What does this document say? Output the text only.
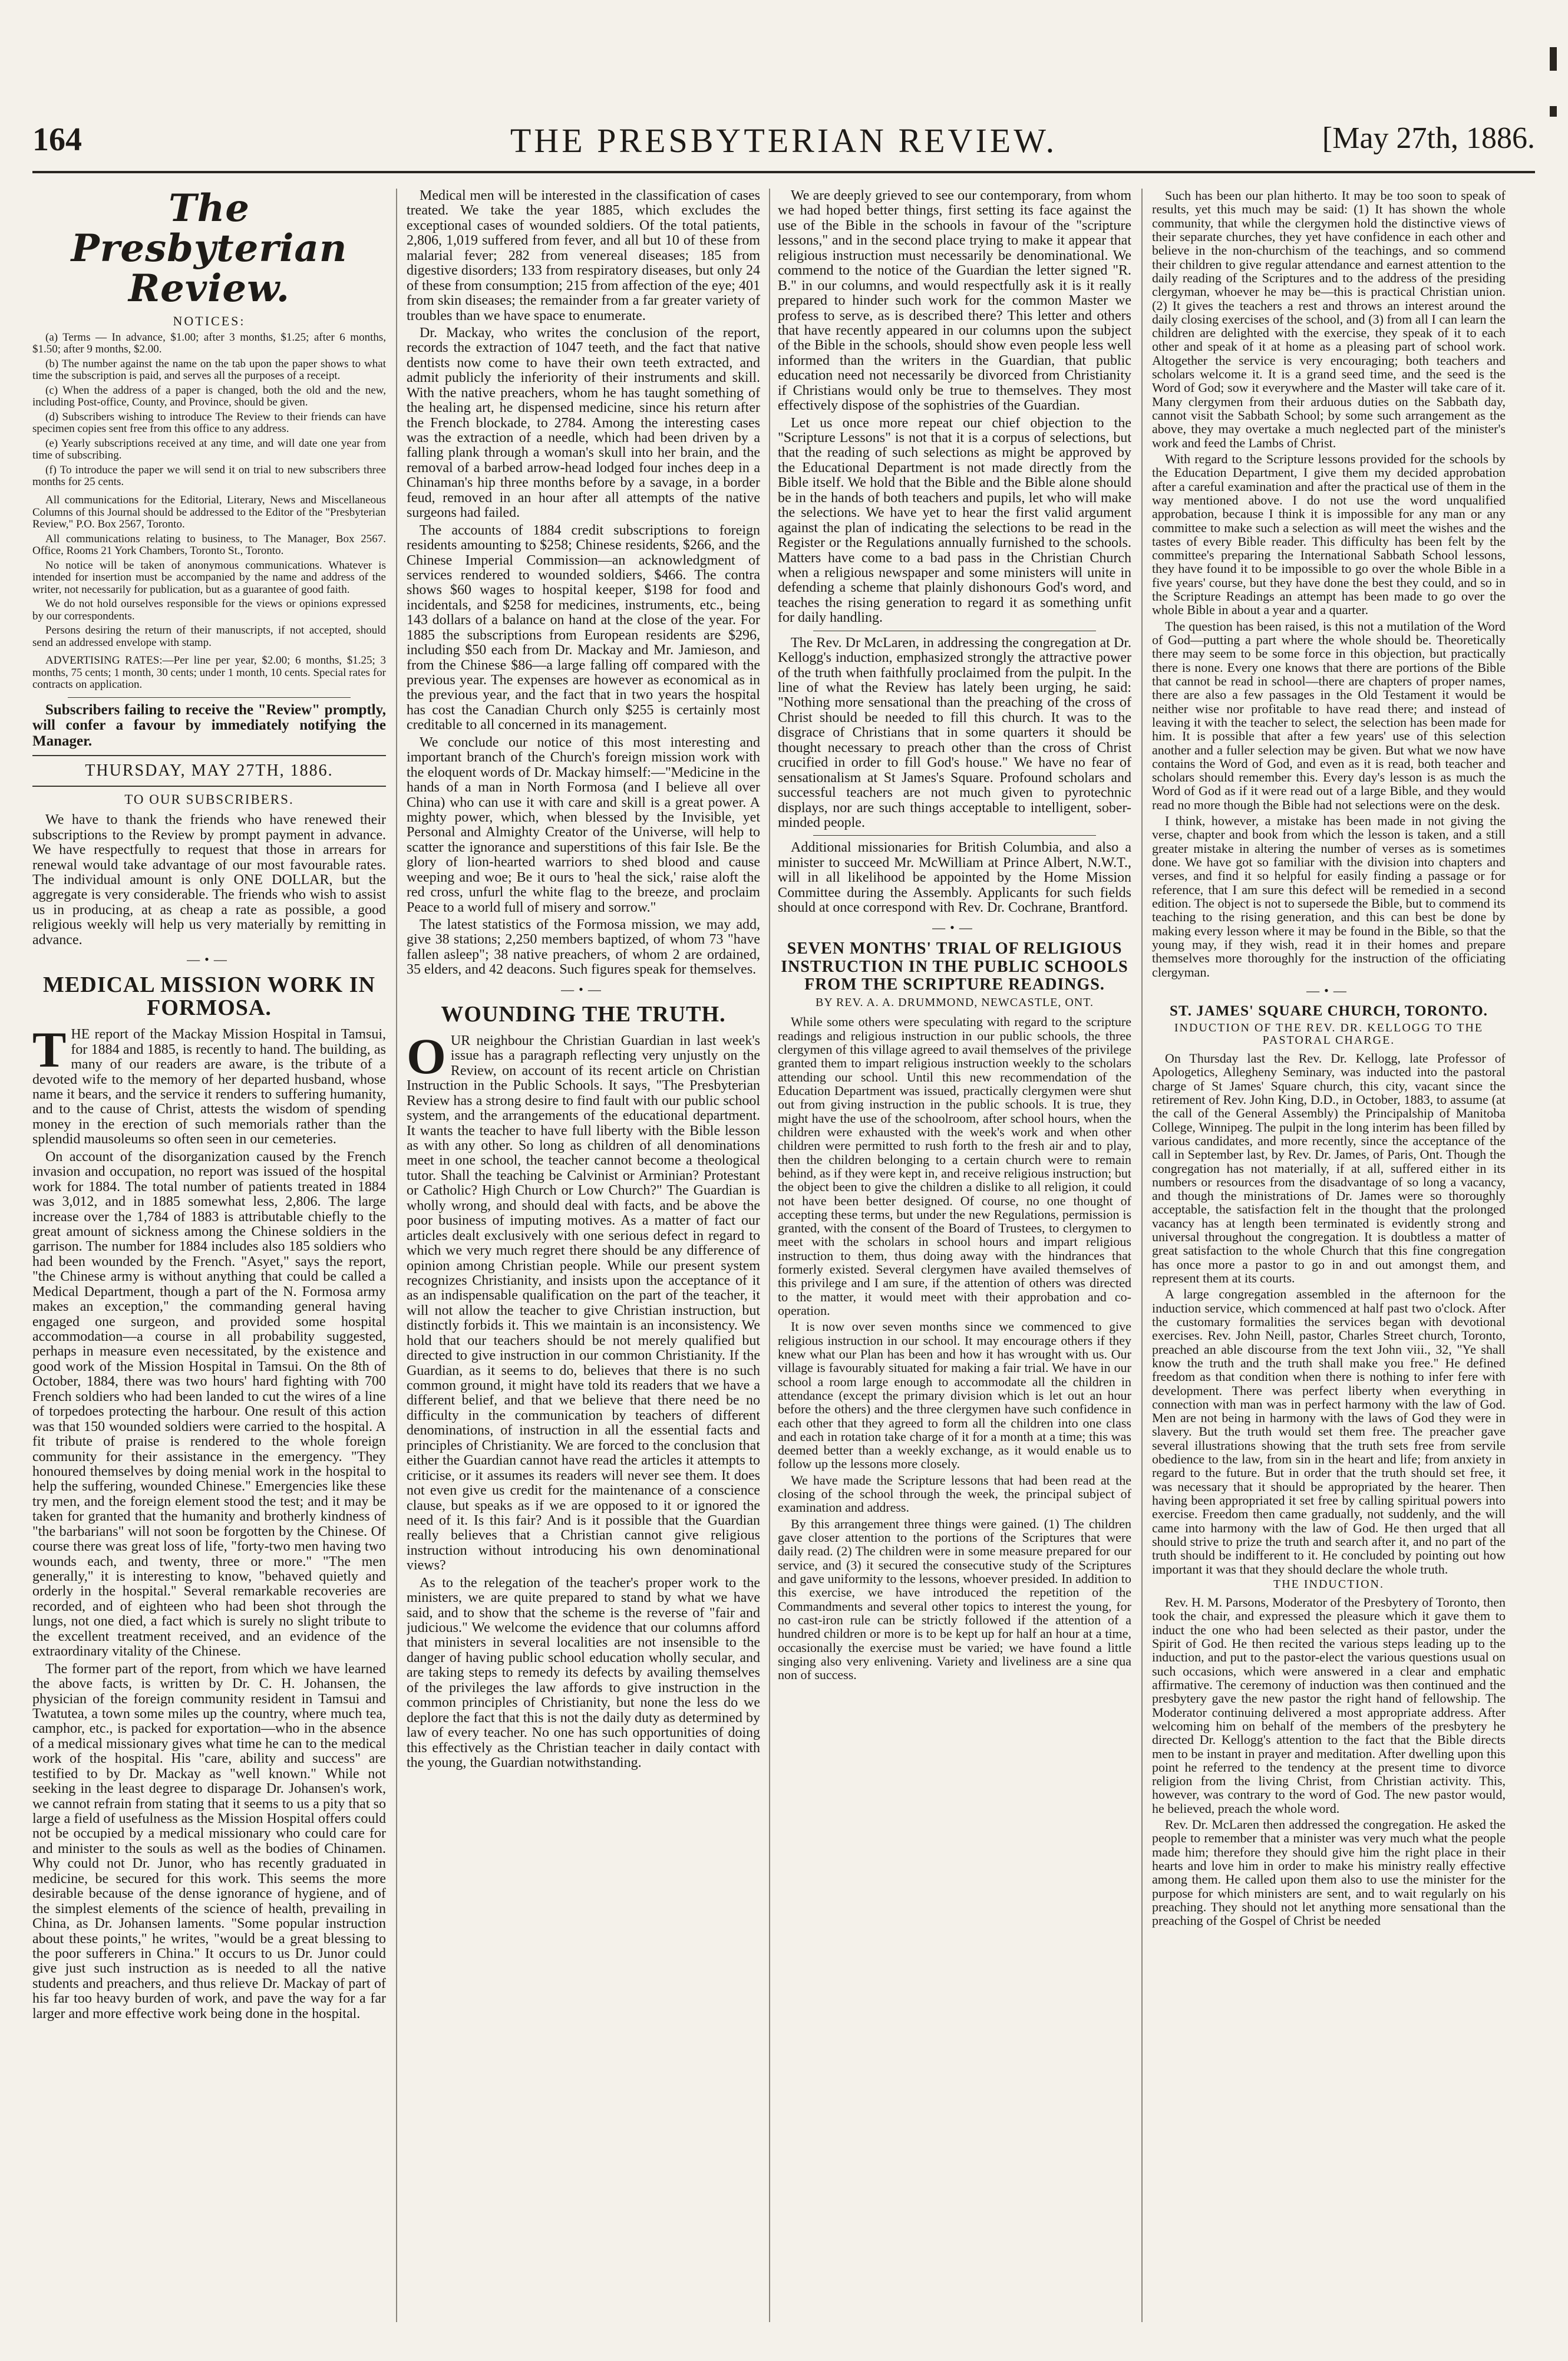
164	THE PRESBYTERIAN REVIEW.	[May 27th, 1886.
The Presbyterian Review.
NOTICES:

(a) Terms — In advance, $1.00; after 3 months, $1.25; after 6 months, $1.50; after 9 months, $2.00.

(b) The number against the name on the tab upon the paper shows to what time the subscription is paid, and serves all the purposes of a receipt.

(c) When the address of a paper is changed, both the old and the new, including Post-office, County, and Province, should be given.

(d) Subscribers wishing to introduce The Review to their friends can have specimen copies sent free from this office to any address.

(e) Yearly subscriptions received at any time, and will date one year from time of subscribing.

(f) To introduce the paper we will send it on trial to new subscribers three months for 25 cents.

All communications for the Editorial, Literary, News and Miscellaneous Columns of this Journal should be addressed to the Editor of the "Presbyterian Review," P.O. Box 2567, Toronto.

All communications relating to business, to The Manager, Box 2567. Office, Rooms 21 York Chambers, Toronto St., Toronto.

No notice will be taken of anonymous communications. Whatever is intended for insertion must be accompanied by the name and address of the writer, not necessarily for publication, but as a guarantee of good faith.

We do not hold ourselves responsible for the views or opinions expressed by our correspondents.

Persons desiring the return of their manuscripts, if not accepted, should send an addressed envelope with stamp.

ADVERTISING RATES:—Per line per year, $2.00; 6 months, $1.25; 3 months, 75 cents; 1 month, 30 cents; under 1 month, 10 cents. Special rates for contracts on application.

Subscribers failing to receive the "Review" promptly, will confer a favour by immediately notifying the Manager.

THURSDAY, MAY 27TH, 1886.
TO OUR SUBSCRIBERS.

We have to thank the friends who have renewed their subscriptions to the Review by prompt payment in advance. We have respectfully to request that those in arrears for renewal would take advantage of our most favourable rates. The individual amount is only ONE DOLLAR, but the aggregate is very considerable. The friends who wish to assist us in producing, at as cheap a rate as possible, a good religious weekly will help us very materially by remitting in advance.

—•—
MEDICAL MISSION WORK IN FORMOSA.

THE report of the Mackay Mission Hospital in Tamsui, for 1884 and 1885, is recently to hand. The building, as many of our readers are aware, is the tribute of a devoted wife to the memory of her departed husband, whose name it bears, and the service it renders to suffering humanity, and to the cause of Christ, attests the wisdom of spending money in the erection of such memorials rather than the splendid mausoleums so often seen in our cemeteries.

On account of the disorganization caused by the French invasion and occupation, no report was issued of the hospital work for 1884. The total number of patients treated in 1884 was 3,012, and in 1885 somewhat less, 2,806. The large increase over the 1,784 of 1883 is attributable chiefly to the great amount of sickness among the Chinese soldiers in the garrison. The number for 1884 includes also 185 soldiers who had been wounded by the French. "Asyet," says the report, "the Chinese army is without anything that could be called a Medical Department, though a part of the N. Formosa army makes an exception," the commanding general having engaged one surgeon, and provided some hospital accommodation—a course in all probability suggested, perhaps in measure even necessitated, by the existence and good work of the Mission Hospital in Tamsui. On the 8th of October, 1884, there was two hours' hard fighting with 700 French soldiers who had been landed to cut the wires of a line of torpedoes protecting the harbour. One result of this action was that 150 wounded soldiers were carried to the hospital. A fit tribute of praise is rendered to the whole foreign community for their assistance in the emergency. "They honoured themselves by doing menial work in the hospital to help the suffering, wounded Chinese." Emergencies like these try men, and the foreign element stood the test; and it may be taken for granted that the humanity and brotherly kindness of "the barbarians" will not soon be forgotten by the Chinese. Of course there was great loss of life, "forty-two men having two wounds each, and twenty, three or more." "The men generally," it is interesting to know, "behaved quietly and orderly in the hospital." Several remarkable recoveries are recorded, and of eighteen who had been shot through the lungs, not one died, a fact which is surely no slight tribute to the excellent treatment received, and an evidence of the extraordinary vitality of the Chinese.

The former part of the report, from which we have learned the above facts, is written by Dr. C. H. Johansen, the physician of the foreign community resident in Tamsui and Twatutea, a town some miles up the country, where much tea, camphor, etc., is packed for exportation—who in the absence of a medical missionary gives what time he can to the medical work of the hospital. His "care, ability and success" are testified to by Dr. Mackay as "well known." While not seeking in the least degree to disparage Dr. Johansen's work, we cannot refrain from stating that it seems to us a pity that so large a field of usefulness as the Mission Hospital offers could not be occupied by a medical missionary who could care for and minister to the souls as well as the bodies of Chinamen. Why could not Dr. Junor, who has recently graduated in medicine, be secured for this work. This seems the more desirable because of the dense ignorance of hygiene, and of the simplest elements of the science of health, prevailing in China, as Dr. Johansen laments. "Some popular instruction about these points," he writes, "would be a great blessing to the poor sufferers in China." It occurs to us Dr. Junor could give just such instruction as is needed to all the native students and preachers, and thus relieve Dr. Mackay of part of his far too heavy burden of work, and pave the way for a far larger and more effective work being done in the hospital.

Medical men will be interested in the classification of cases treated. We take the year 1885, which excludes the exceptional cases of wounded soldiers. Of the total patients, 2,806, 1,019 suffered from fever, and all but 10 of these from malarial fever; 282 from venereal diseases; 185 from digestive disorders; 133 from respiratory diseases, but only 24 of these from consumption; 215 from affection of the eye; 401 from skin diseases; the remainder from a far greater variety of troubles than we have space to enumerate.

Dr. Mackay, who writes the conclusion of the report, records the extraction of 1047 teeth, and the fact that native dentists now come to have their own teeth extracted, and admit publicly the inferiority of their instruments and skill. With the native preachers, whom he has taught something of the healing art, he dispensed medicine, since his return after the French blockade, to 2784. Among the interesting cases was the extraction of a needle, which had been driven by a falling plank through a woman's skull into her brain, and the removal of a barbed arrow-head lodged four inches deep in a Chinaman's hip three months before by a savage, in a border feud, removed in an hour after all attempts of the native surgeons had failed.

The accounts of 1884 credit subscriptions to foreign residents amounting to $258; Chinese residents, $266, and the Chinese Imperial Commission—an acknowledgment of services rendered to wounded soldiers, $466. The contra shows $60 wages to hospital keeper, $198 for food and incidentals, and $258 for medicines, instruments, etc., being 143 dollars of a balance on hand at the close of the year. For 1885 the subscriptions from European residents are $296, including $50 each from Dr. Mackay and Mr. Jamieson, and from the Chinese $86—a large falling off compared with the previous year. The expenses are however as economical as in the previous year, and the fact that in two years the hospital has cost the Canadian Church only $255 is certainly most creditable to all concerned in its management.

We conclude our notice of this most interesting and important branch of the Church's foreign mission work with the eloquent words of Dr. Mackay himself:—"Medicine in the hands of a man in North Formosa (and I believe all over China) who can use it with care and skill is a great power. A mighty power, which, when blessed by the Invisible, yet Personal and Almighty Creator of the Universe, will help to scatter the ignorance and superstitions of this fair Isle. Be the glory of lion-hearted warriors to shed blood and cause weeping and woe; Be it ours to 'heal the sick,' raise aloft the red cross, unfurl the white flag to the breeze, and proclaim Peace to a world full of misery and sorrow."

The latest statistics of the Formosa mission, we may add, give 38 stations; 2,250 members baptized, of whom 73 "have fallen asleep"; 38 native preachers, of whom 2 are ordained, 35 elders, and 42 deacons. Such figures speak for themselves.

—•—
WOUNDING THE TRUTH.

OUR neighbour the Christian Guardian in last week's issue has a paragraph reflecting very unjustly on the Review, on account of its recent article on Christian Instruction in the Public Schools. It says, "The Presbyterian Review has a strong desire to find fault with our public school system, and the arrangements of the educational department. It wants the teacher to have full liberty with the Bible lesson as with any other. So long as children of all denominations meet in one school, the teacher cannot become a theological tutor. Shall the teaching be Calvinist or Arminian? Protestant or Catholic? High Church or Low Church?" The Guardian is wholly wrong, and should deal with facts, and be above the poor business of imputing motives. As a matter of fact our articles dealt exclusively with one serious defect in regard to which we very much regret there should be any difference of opinion among Christian people. While our present system recognizes Christianity, and insists upon the acceptance of it as an indispensable qualification on the part of the teacher, it will not allow the teacher to give Christian instruction, but distinctly forbids it. This we maintain is an inconsistency. We hold that our teachers should be not merely qualified but directed to give instruction in our common Christianity. If the Guardian, as it seems to do, believes that there is no such common ground, it might have told its readers that we have a different belief, and that we believe that there need be no difficulty in the communication by teachers of different denominations, of instruction in all the essential facts and principles of Christianity. We are forced to the conclusion that either the Guardian cannot have read the articles it attempts to criticise, or it assumes its readers will never see them. It does not even give us credit for the maintenance of a conscience clause, but speaks as if we are opposed to it or ignored the need of it. Is this fair? And is it possible that the Guardian really believes that a Christian cannot give religious instruction without introducing his own denominational views?

As to the relegation of the teacher's proper work to the ministers, we are quite prepared to stand by what we have said, and to show that the scheme is the reverse of "fair and judicious." We welcome the evidence that our columns afford that ministers in several localities are not insensible to the danger of having public school education wholly secular, and are taking steps to remedy its defects by availing themselves of the privileges the law affords to give instruction in the common principles of Christianity, but none the less do we deplore the fact that this is not the daily duty as determined by law of every teacher. No one has such opportunities of doing this effectively as the Christian teacher in daily contact with the young, the Guardian notwithstanding.

We are deeply grieved to see our contemporary, from whom we had hoped better things, first setting its face against the use of the Bible in the schools in favour of the "scripture lessons," and in the second place trying to make it appear that religious instruction must necessarily be denominational. We commend to the notice of the Guardian the letter signed "R. B." in our columns, and would respectfully ask it is it really prepared to hinder such work for the common Master we profess to serve, as is described there? This letter and others that have recently appeared in our columns upon the subject of the Bible in the schools, should show even people less well informed than the writers in the Guardian, that public education need not necessarily be divorced from Christianity if Christians would only be true to themselves. They most effectively dispose of the sophistries of the Guardian.

Let us once more repeat our chief objection to the "Scripture Lessons" is not that it is a corpus of selections, but that the reading of such selections as might be approved by the Educational Department is not made directly from the Bible itself. We hold that the Bible and the Bible alone should be in the hands of both teachers and pupils, let who will make the selections. We have yet to hear the first valid argument against the plan of indicating the selections to be read in the Register or the Regulations annually furnished to the schools. Matters have come to a bad pass in the Christian Church when a religious newspaper and some ministers will unite in defending a scheme that plainly dishonours God's word, and teaches the rising generation to regard it as something unfit for daily handling.

The Rev. Dr McLaren, in addressing the congregation at Dr. Kellogg's induction, emphasized strongly the attractive power of the truth when faithfully proclaimed from the pulpit. In the line of what the Review has lately been urging, he said: "Nothing more sensational than the preaching of the cross of Christ should be needed to fill this church. It was to the disgrace of Christians that in some quarters it should be thought necessary to preach other than the cross of Christ crucified in order to fill God's house." We have no fear of sensationalism at St James's Square. Profound scholars and successful teachers are not much given to pyrotechnic displays, nor are such things acceptable to intelligent, sober-minded people.

Additional missionaries for British Columbia, and also a minister to succeed Mr. McWilliam at Prince Albert, N.W.T., will in all likelihood be appointed by the Home Mission Committee during the Assembly. Applicants for such fields should at once correspond with Rev. Dr. Cochrane, Brantford.

—•—
SEVEN MONTHS' TRIAL OF RELIGIOUS INSTRUCTION IN THE PUBLIC SCHOOLS FROM THE SCRIPTURE READINGS.
BY REV. A. A. DRUMMOND, NEWCASTLE, ONT.

While some others were speculating with regard to the scripture readings and religious instruction in our public schools, the three clergymen of this village agreed to avail themselves of the privilege granted them to impart religious instruction weekly to the scholars attending our school. Until this new recommendation of the Education Department was issued, practically clergymen were shut out from giving instruction in the public schools. It is true, they might have the use of the schoolroom, after school hours, when the children were exhausted with the week's work and when other children were permitted to rush forth to the fresh air and to play, then the children belonging to a certain church were to remain behind, as if they were kept in, and receive religious instruction; but the object been to give the children a dislike to all religion, it could not have been better designed. Of course, no one thought of accepting these terms, but under the new Regulations, permission is granted, with the consent of the Board of Trustees, to clergymen to meet with the scholars in school hours and impart religious instruction to them, thus doing away with the hindrances that formerly existed. Several clergymen have availed themselves of this privilege and I am sure, if the attention of others was directed to the matter, it would meet with their approbation and co-operation.

It is now over seven months since we commenced to give religious instruction in our school. It may encourage others if they knew what our Plan has been and how it has wrought with us. Our village is favourably situated for making a fair trial. We have in our school a room large enough to accommodate all the children in attendance (except the primary division which is let out an hour before the others) and the three clergymen have such confidence in each other that they agreed to form all the children into one class and each in rotation take charge of it for a month at a time; this was deemed better than a weekly exchange, as it would enable us to follow up the lessons more closely.

We have made the Scripture lessons that had been read at the closing of the school through the week, the principal subject of examination and address.

By this arrangement three things were gained. (1) The children gave closer attention to the portions of the Scriptures that were daily read. (2) The children were in some measure prepared for our service, and (3) it secured the consecutive study of the Scriptures and gave uniformity to the lessons, whoever presided. In addition to this exercise, we have introduced the repetition of the Commandments and several other topics to interest the young, for no cast-iron rule can be strictly followed if the attention of a hundred children or more is to be kept up for half an hour at a time, occasionally the exercise must be varied; we have found a little singing also very enlivening. Variety and liveliness are a sine qua non of success.

Such has been our plan hitherto. It may be too soon to speak of results, yet this much may be said: (1) It has shown the whole community, that while the clergymen hold the distinctive views of their separate churches, they yet have confidence in each other and believe in the non-churchism of the teachings, and so commend their children to give regular attendance and earnest attention to the daily reading of the Scriptures and to the address of the presiding clergyman, whoever he may be—this is practical Christian union. (2) It gives the teachers a rest and throws an interest around the daily closing exercises of the school, and (3) from all I can learn the children are delighted with the exercise, they speak of it to each other and speak of it at home as a pleasing part of school work. Altogether the service is very encouraging; both teachers and scholars welcome it. It is a grand seed time, and the seed is the Word of God; sow it everywhere and the Master will take care of it. Many clergymen from their arduous duties on the Sabbath day, cannot visit the Sabbath School; by some such arrangement as the above, they may overtake a much neglected part of the minister's work and feed the Lambs of Christ.

With regard to the Scripture lessons provided for the schools by the Education Department, I give them my decided approbation after a careful examination and after the practical use of them in the way mentioned above. I do not use the word unqualified approbation, because I think it is impossible for any man or any committee to make such a selection as will meet the wishes and the tastes of every Bible reader. This difficulty has been felt by the committee's preparing the International Sabbath School lessons, they have found it to be impossible to go over the whole Bible in a five years' course, but they have done the best they could, and so in the Scripture Readings an attempt has been made to go over the whole Bible in about a year and a quarter.

The question has been raised, is this not a mutilation of the Word of God—putting a part where the whole should be. Theoretically there may seem to be some force in this objection, but practically there is none. Every one knows that there are portions of the Bible that cannot be read in school—there are chapters of proper names, there are also a few passages in the Old Testament it would be neither wise nor profitable to have read there; and instead of leaving it with the teacher to select, the selection has been made for him. It is possible that after a few years' use of this selection another and a fuller selection may be given. But what we now have contains the Word of God, and even as it is read, both teacher and scholars should remember this. Every day's lesson is as much the Word of God as if it were read out of a large Bible, and they would read no more though the Bible had not selections were on the desk.

I think, however, a mistake has been made in not giving the verse, chapter and book from which the lesson is taken, and a still greater mistake in altering the number of verses as is sometimes done. We have got so familiar with the division into chapters and verses, and find it so helpful for easily finding a passage or for reference, that I am sure this defect will be remedied in a second edition. The object is not to supersede the Bible, but to commend its teaching to the rising generation, and this can best be done by making every lesson where it may be found in the Bible, so that the young may, if they wish, read it in their homes and prepare themselves more thoroughly for the instruction of the officiating clergyman.

—•—
ST. JAMES' SQUARE CHURCH, TORONTO.
INDUCTION OF THE REV. DR. KELLOGG TO THE PASTORAL CHARGE.

On Thursday last the Rev. Dr. Kellogg, late Professor of Apologetics, Allegheny Seminary, was inducted into the pastoral charge of St James' Square church, this city, vacant since the retirement of Rev. John King, D.D., in October, 1883, to assume (at the call of the General Assembly) the Principalship of Manitoba College, Winnipeg. The pulpit in the long interim has been filled by various candidates, and more recently, since the acceptance of the call in September last, by Rev. Dr. James, of Paris, Ont. Though the congregation has not materially, if at all, suffered either in its numbers or resources from the disadvantage of so long a vacancy, and though the ministrations of Dr. James were so thoroughly acceptable, the satisfaction felt in the thought that the prolonged vacancy has at length been terminated is evidently strong and universal throughout the congregation. It is doubtless a matter of great satisfaction to the whole Church that this fine congregation has once more a pastor to go in and out amongst them, and represent them at its courts.

A large congregation assembled in the afternoon for the induction service, which commenced at half past two o'clock. After the customary formalities the services began with devotional exercises. Rev. John Neill, pastor, Charles Street church, Toronto, preached an able discourse from the text John viii., 32, "Ye shall know the truth and the truth shall make you free." He defined freedom as that condition when there is nothing to infer fere with development. There was perfect liberty when everything in connection with man was in perfect harmony with the law of God. Men are not being in harmony with the laws of God they were in slavery. But the truth would set them free. The preacher gave several illustrations showing that the truth sets free from servile obedience to the law, from sin in the heart and life; from anxiety in regard to the future. But in order that the truth should set free, it was necessary that it should be appropriated by the hearer. Then having been appropriated it set free by calling spiritual powers into exercise. Freedom then came gradually, not suddenly, and the will came into harmony with the law of God. He then urged that all should strive to prize the truth and search after it, and no part of the truth should be indifferent to it. He concluded by pointing out how important it was that they should declare the whole truth.

THE INDUCTION.

Rev. H. M. Parsons, Moderator of the Presbytery of Toronto, then took the chair, and expressed the pleasure which it gave them to induct the one who had been selected as their pastor, under the Spirit of God. He then recited the various steps leading up to the induction, and put to the pastor-elect the various questions usual on such occasions, which were answered in a clear and emphatic affirmative. The ceremony of induction was then continued and the presbytery gave the new pastor the right hand of fellowship. The Moderator continuing delivered a most appropriate address. After welcoming him on behalf of the members of the presbytery he directed Dr. Kellogg's attention to the fact that the Bible directs men to be instant in prayer and meditation. After dwelling upon this point he referred to the tendency at the present time to divorce religion from the living Christ, from Christian activity. This, however, was contrary to the word of God. The new pastor would, he believed, preach the whole word.

Rev. Dr. McLaren then addressed the congregation. He asked the people to remember that a minister was very much what the people made him; therefore they should give him the right place in their hearts and love him in order to make his ministry really effective among them. He called upon them also to use the minister for the purpose for which ministers are sent, and to wait regularly on his preaching. They should not let anything more sensational than the preaching of the Gospel of Christ be needed
